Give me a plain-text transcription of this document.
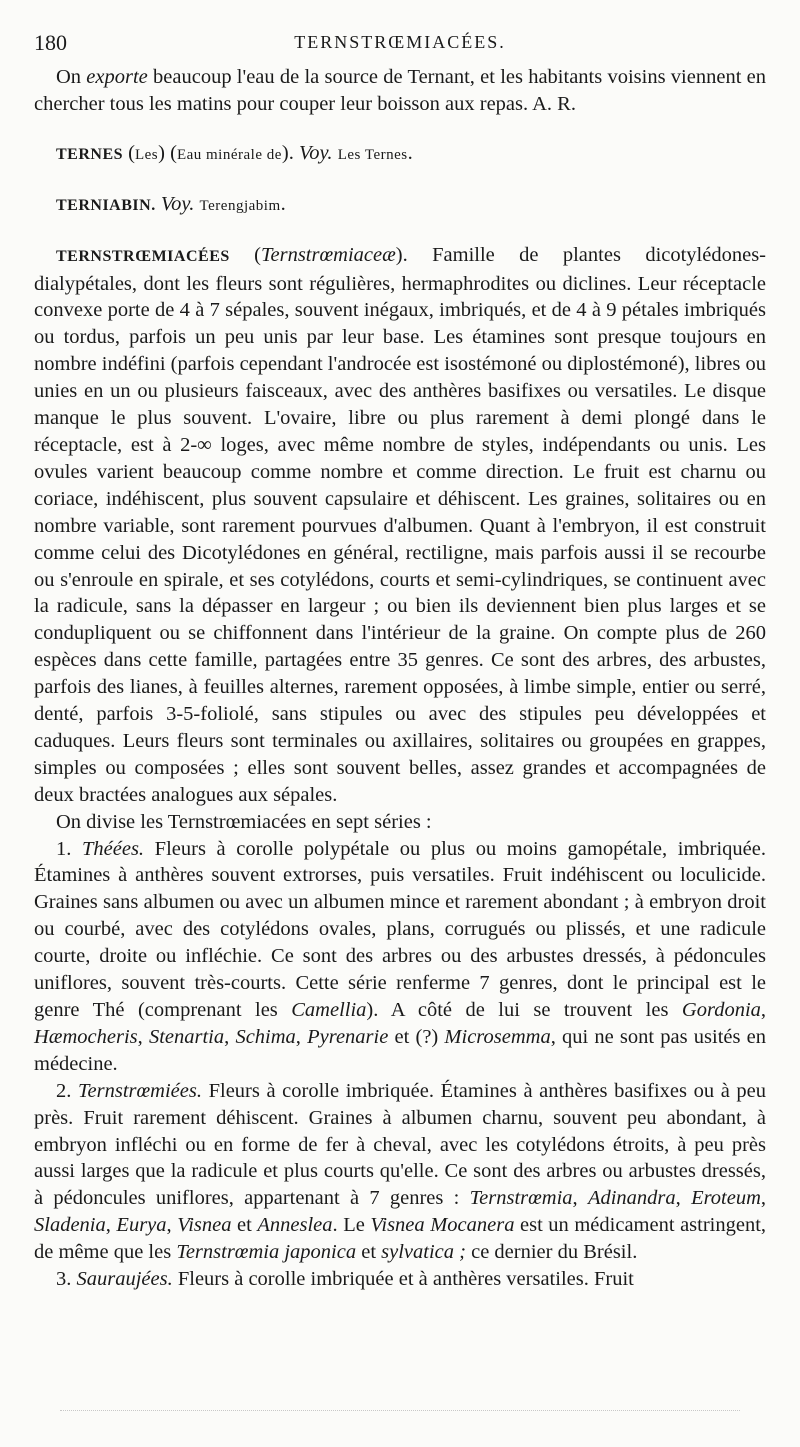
180	TERNSTRŒMIACÉES.

On exporte beaucoup l'eau de la source de Ternant, et les habitants voisins viennent en chercher tous les matins pour couper leur boisson aux repas. A. R.

TERNES (Les) (Eau minérale de). Voy. Les Ternes.

TERNIABIN. Voy. Terengjabim.

TERNSTRŒMIACÉES (Ternstrœmiaceæ). Famille de plantes dicotylédones-dialypétales, dont les fleurs sont régulières, hermaphrodites ou diclines. Leur réceptacle convexe porte de 4 à 7 sépales, souvent inégaux, imbriqués, et de 4 à 9 pétales imbriqués ou tordus, parfois un peu unis par leur base. Les étamines sont presque toujours en nombre indéfini (parfois cependant l'androcée est isostémoné ou diplostémoné), libres ou unies en un ou plusieurs faisceaux, avec des anthères basifixes ou versatiles. Le disque manque le plus souvent. L'ovaire, libre ou plus rarement à demi plongé dans le réceptacle, est à 2-∞ loges, avec même nombre de styles, indépendants ou unis. Les ovules varient beaucoup comme nombre et comme direction. Le fruit est charnu ou coriace, indéhiscent, plus souvent capsulaire et déhiscent. Les graines, solitaires ou en nombre variable, sont rarement pourvues d'albumen. Quant à l'embryon, il est construit comme celui des Dicotylédones en général, rectiligne, mais parfois aussi il se recourbe ou s'enroule en spirale, et ses cotylédons, courts et semi-cylindriques, se continuent avec la radicule, sans la dépasser en largeur ; ou bien ils deviennent bien plus larges et se condupliquent ou se chiffonnent dans l'intérieur de la graine. On compte plus de 260 espèces dans cette famille, partagées entre 35 genres. Ce sont des arbres, des arbustes, parfois des lianes, à feuilles alternes, rarement opposées, à limbe simple, entier ou serré, denté, parfois 3-5-foliolé, sans stipules ou avec des stipules peu développées et caduques. Leurs fleurs sont terminales ou axillaires, solitaires ou groupées en grappes, simples ou composées ; elles sont souvent belles, assez grandes et accompagnées de deux bractées analogues aux sépales.

On divise les Ternstrœmiacées en sept séries :

1. Théées. Fleurs à corolle polypétale ou plus ou moins gamopétale, imbriquée. Étamines à anthères souvent extrorses, puis versatiles. Fruit indéhiscent ou loculicide. Graines sans albumen ou avec un albumen mince et rarement abondant ; à embryon droit ou courbé, avec des cotylédons ovales, plans, corrugués ou plissés, et une radicule courte, droite ou infléchie. Ce sont des arbres ou des arbustes dressés, à pédoncules uniflores, souvent très-courts. Cette série renferme 7 genres, dont le principal est le genre Thé (comprenant les Camellia). A côté de lui se trouvent les Gordonia, Hæmocheris, Stenartia, Schima, Pyrenarie et (?) Microsemma, qui ne sont pas usités en médecine.

2. Ternstrœmiées. Fleurs à corolle imbriquée. Étamines à anthères basifixes ou à peu près. Fruit rarement déhiscent. Graines à albumen charnu, souvent peu abondant, à embryon infléchi ou en forme de fer à cheval, avec les cotylédons étroits, à peu près aussi larges que la radicule et plus courts qu'elle. Ce sont des arbres ou arbustes dressés, à pédoncules uniflores, appartenant à 7 genres : Ternstrœmia, Adinandra, Eroteum, Sladenia, Eurya, Visnea et Anneslea. Le Visnea Mocanera est un médicament astringent, de même que les Ternstrœmia japonica et sylvatica ; ce dernier du Brésil.

3. Sauraujées. Fleurs à corolle imbriquée et à anthères versatiles. Fruit
